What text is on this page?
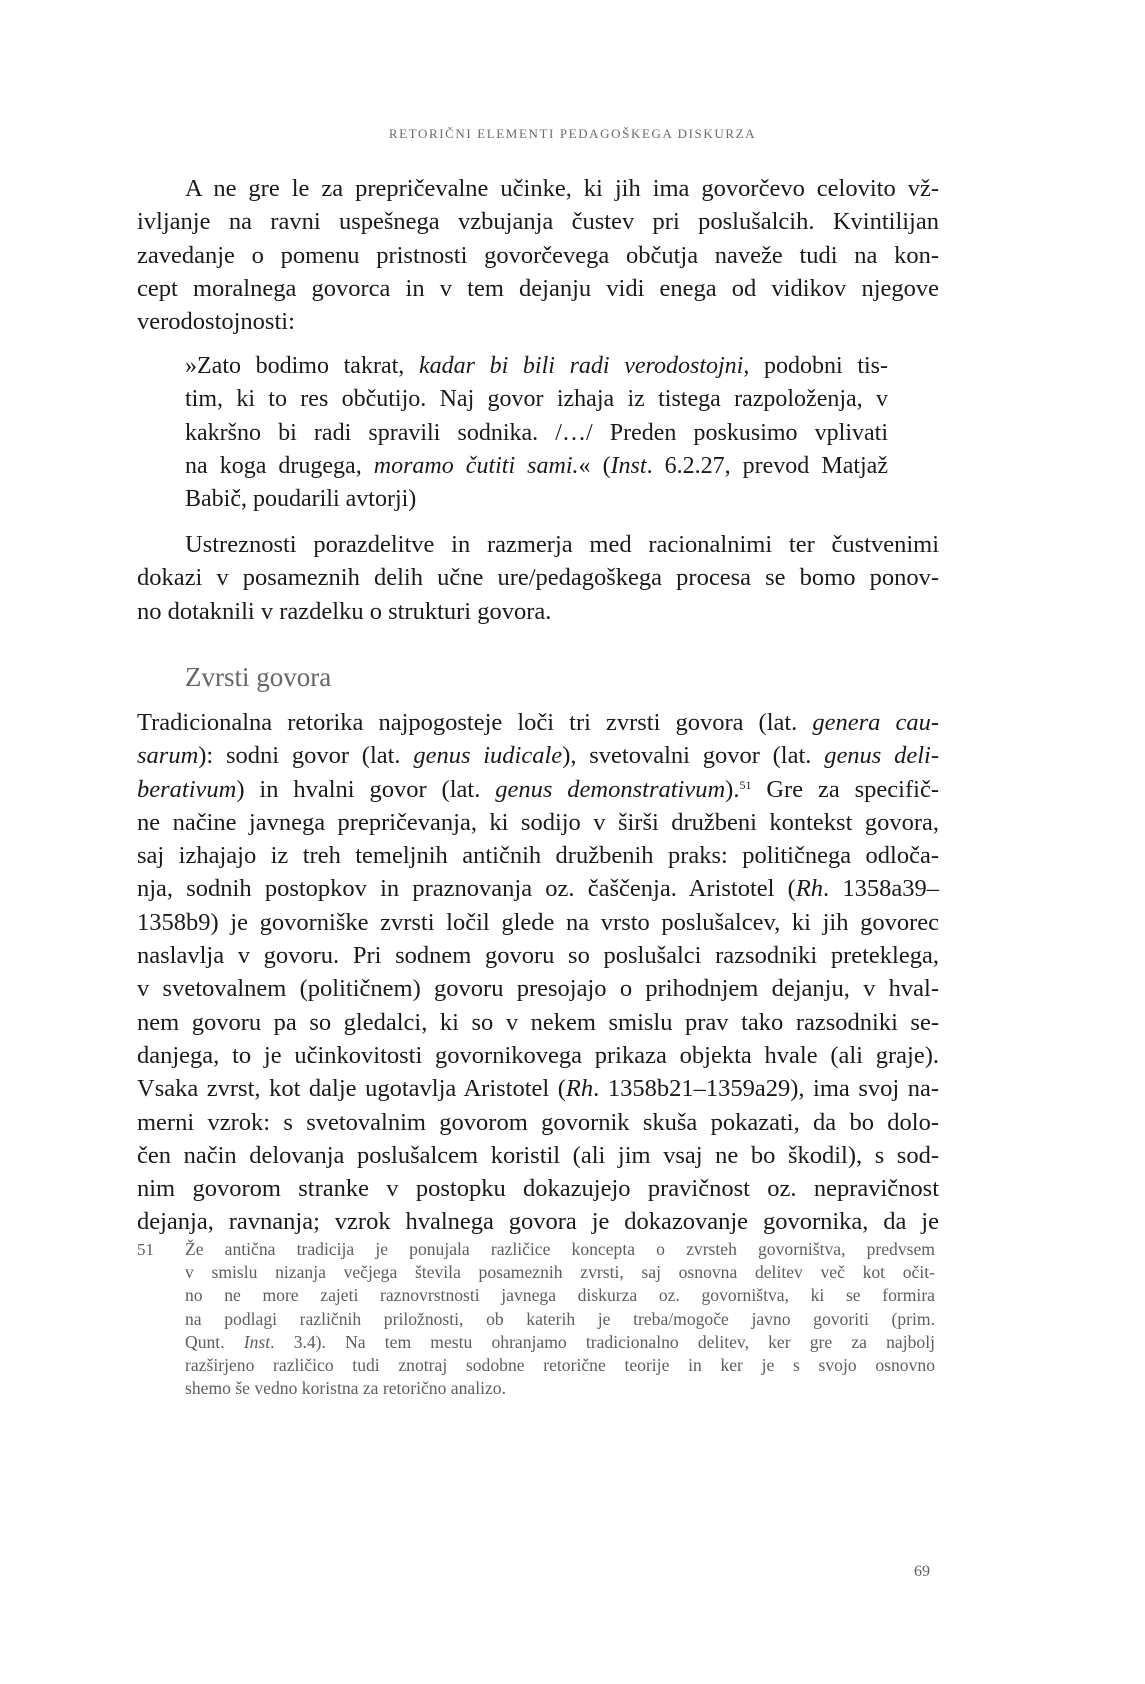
RETORIČNI ELEMENTI PEDAGOŠKEGA DISKURZA
A ne gre le za prepričevalne učinke, ki jih ima govorčevo celovito vž-
ivljanje na ravni uspešnega vzbujanja čustev pri poslušalcih. Kvintilijan
zavedanje o pomenu pristnosti govorčevega občutja naveže tudi na kon-
cept moralnega govorca in v tem dejanju vidi enega od vidikov njegove
verodostojnosti:
»Zato bodimo takrat, kadar bi bili radi verodostojni, podobni tis-
tim, ki to res občutijo. Naj govor izhaja iz tistega razpoloženja, v
kakršno bi radi spravili sodnika. /…/ Preden poskusimo vplivati
na koga drugega, moramo čutiti sami.« (Inst. 6.2.27, prevod Matjaž
Babič, poudarili avtorji)
Ustreznosti porazdelitve in razmerja med racionalnimi ter čustvenimi
dokazi v posameznih delih učne ure/pedagoškega procesa se bomo ponov-
no dotaknili v razdelku o strukturi govora.
Zvrsti govora
Tradicionalna retorika najpogosteje loči tri zvrsti govora (lat. genera cau-
sarum): sodni govor (lat. genus iudicale), svetovalni govor (lat. genus deli-
berativum) in hvalni govor (lat. genus demonstrativum).$^{51}$ Gre za specifič-
ne načine javnega prepričevanja, ki sodijo v širši družbeni kontekst govora,
saj izhajajo iz treh temeljnih antičnih družbenih praks: političnega odloča-
nja, sodnih postopkov in praznovanja oz. čaščenja. Aristotel (Rh. 1358a39–
1358b9) je govorniške zvrsti ločil glede na vrsto poslušalcev, ki jih govorec
naslavlja v govoru. Pri sodnem govoru so poslušalci razsodniki preteklega,
v svetovalnem (političnem) govoru presojajo o prihodnjem dejanju, v hval-
nem govoru pa so gledalci, ki so v nekem smislu prav tako razsodniki se-
danjega, to je učinkovitosti govornikovega prikaza objekta hvale (ali graje).
Vsaka zvrst, kot dalje ugotavlja Aristotel (Rh. 1358b21–1359a29), ima svoj na-
merni vzrok: s svetovalnim govorom govornik skuša pokazati, da bo dolo-
čen način delovanja poslušalcem koristil (ali jim vsaj ne bo škodil), s sod-
nim govorom stranke v postopku dokazujejo pravičnost oz. nepravičnost
dejanja, ravnanja; vzrok hvalnega govora je dokazovanje govornika, da je
51 Že antična tradicija je ponujala različice koncepta o zvrsteh govorništva, predvsem
v smislu nizanja večjega števila posameznih zvrsti, saj osnovna delitev več kot očit-
no ne more zajeti raznovrstnosti javnega diskurza oz. govorništva, ki se formira
na podlagi različnih priložnosti, ob katerih je treba/mogoče javno govoriti (prim.
Qunt. Inst. 3.4). Na tem mestu ohranjamo tradicionalno delitev, ker gre za najbolj
razširjeno različico tudi znotraj sodobne retorične teorije in ker je s svojo osnovno
shemo še vedno koristna za retorično analizo.
69
